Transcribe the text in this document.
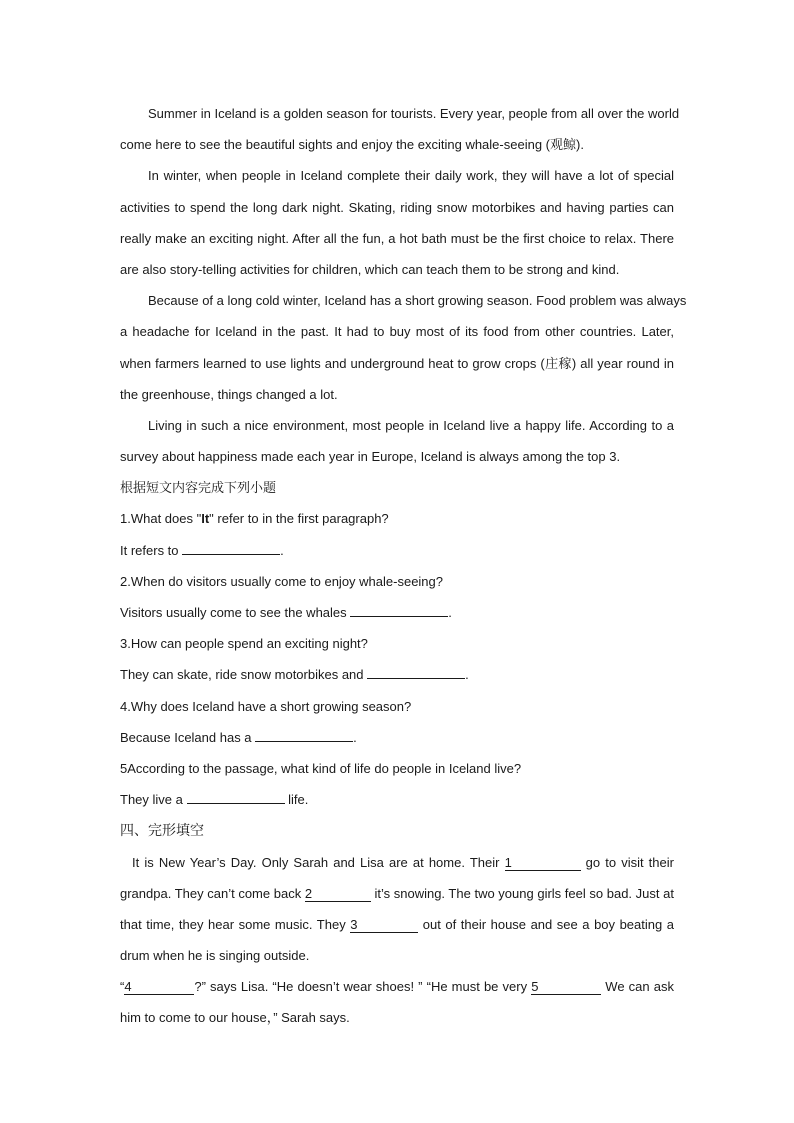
Summer in Iceland is a golden season for tourists. Every year, people from all over the world
come here to see the beautiful sights and enjoy the exciting whale-seeing (观鲸).
In winter, when people in Iceland complete their daily work, they will have a lot of special
activities to spend the long dark night. Skating, riding snow motorbikes and having parties can
really make an exciting night. After all the fun, a hot bath must be the first choice to relax. There
are also story-telling activities for children, which can teach them to be strong and kind.
Because of a long cold winter, Iceland has a short growing season. Food problem was always
a headache for Iceland in the past. It had to buy most of its food from other countries. Later,
when farmers learned to use lights and underground heat to grow crops (庄稼) all year round in
the greenhouse, things changed a lot.
Living in such a nice environment, most people in Iceland live a happy life. According to a
survey about happiness made each year in Europe, Iceland is always among the top 3.
根据短文内容完成下列小题
1.What does "It" refer to in the first paragraph?
It refers to	.
2.When do visitors usually come to enjoy whale-seeing?
Visitors usually come to see the whales	.
3.How can people spend an exciting night?
They can skate, ride snow motorbikes and	.
4.Why does Iceland have a short growing season?
Because Iceland has a	.
5According to the passage, what kind of life do people in Iceland live?
They live a	life.
四、完形填空
It is New Year’s Day. Only Sarah and Lisa are at home. Their 1	go to visit their
grandpa. They can’t come back 2	it’s snowing. The two young girls feel so bad. Just at
that time, they hear some music. They 3	out of their house and see a boy beating a
drum when he is singing outside.
“4	?” says Lisa. “He doesn’t wear shoes! ” “He must be very 5	We can ask
him to come to our house，” Sarah says.
